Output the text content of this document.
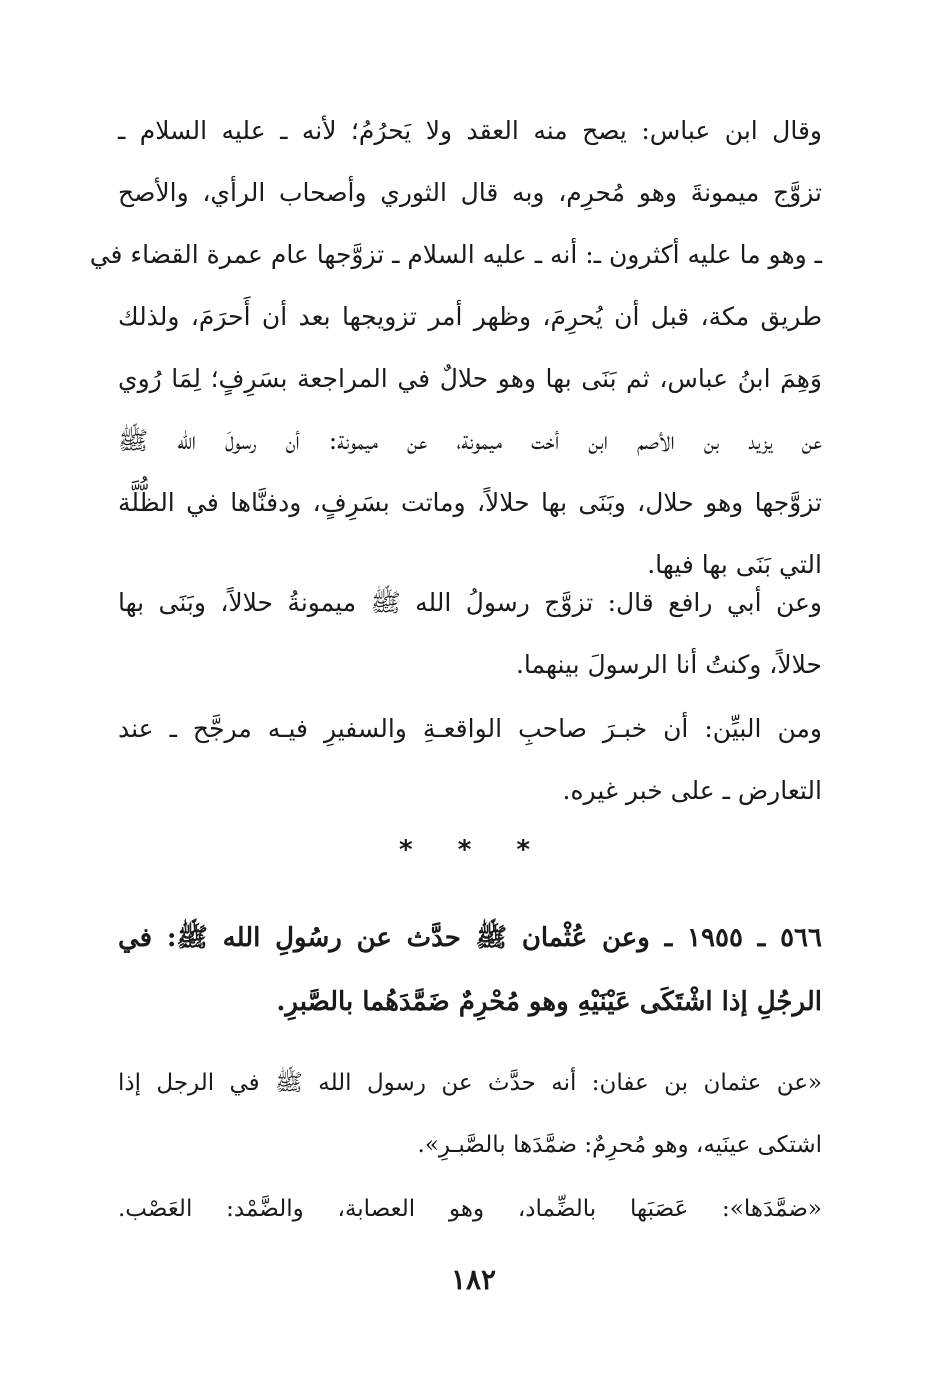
وقال ابن عباس: يصح منه العقد ولا يَحرُمُ؛ لأنه ـ عليه السلام ـ
تزوَّج ميمونةَ وهو مُحرِم، وبه قال الثوري وأصحاب الرأي، والأصح
ـ وهو ما عليه أكثرون ـ: أنه ـ عليه السلام ـ تزوَّجها عام عمرة القضاء في
طريق مكة، قبل أن يُحرِمَ، وظهر أمر تزويجها بعد أن أَحرَمَ، ولذلك
وَهِمَ ابنُ عباس، ثم بَنَى بها وهو حلالٌ في المراجعة بسَرِفٍ؛ لِمَا رُوي
عن يزيد بن الأصم ابن أخت ميمونة، عن ميمونة: أن رسولَ الله ﷺ
تزوَّجها وهو حلال، وبَنَى بها حلالاً، وماتت بسَرِفٍ، ودفنَّاها في الظُّلَّة
التي بَنَى بها فيها.
وعن أبي رافع قال: تزوَّج رسولُ الله ﷺ ميمونةُ حلالاً، وبَنَى بها
حلالاً، وكنتُ أنا الرسولَ بينهما.
ومن البيِّن: أن خبـرَ صاحبِ الواقعـةِ والسفيرِ فيـه مرجَّح ـ عند
التعارض ـ على خبر غيره.
* * *
٥٦٦ ـ ١٩٥٥ ـ وعن عُثْمان ﷺ حدَّث عن رسُولِ الله ﷺ: في
الرجُلِ إذا اشْتَكَى عَيْنَيْهِ وهو مُحْرِمٌ ضَمَّدَهُما بالصَّبرِ.
«عن عثمان بن عفان: أنه حدَّث عن رسول الله ﷺ في الرجل إذا
اشتكى عينَيه، وهو مُحرِمٌ: ضمَّدَها بالصَّبـرِ».
«ضمَّدَها»: عَصَبَها بالضِّماد، وهو العصابة، والضَّمْد: العَصْب.
١٨٢
